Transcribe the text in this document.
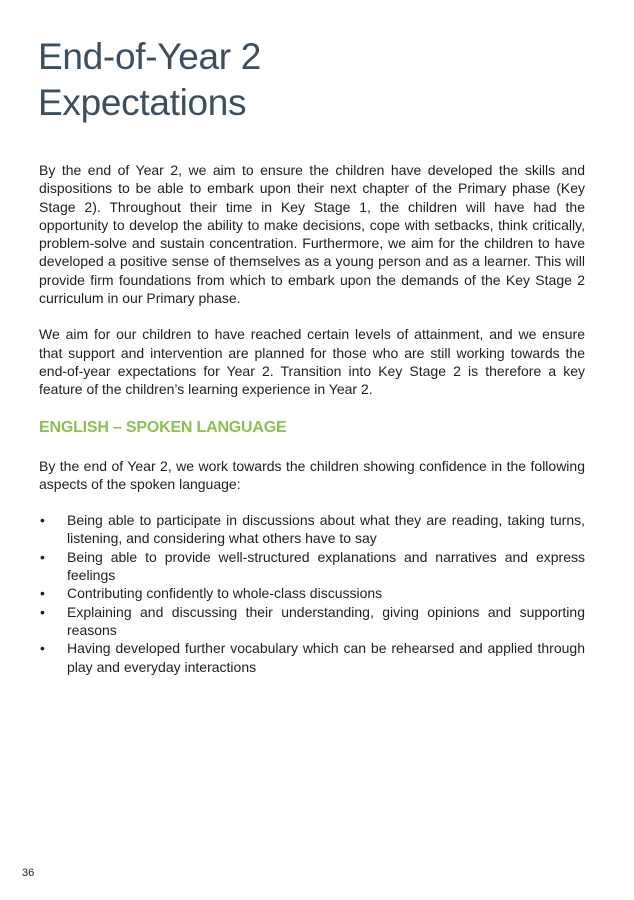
End-of-Year 2
Expectations

By the end of Year 2, we aim to ensure the children have developed the skills and dispositions to be able to embark upon their next chapter of the Primary phase (Key Stage 2). Throughout their time in Key Stage 1, the children will have had the opportunity to develop the ability to make decisions, cope with setbacks, think critically, problem-solve and sustain concentration. Furthermore, we aim for the children to have developed a positive sense of themselves as a young person and as a learner. This will provide firm foundations from which to embark upon the demands of the Key Stage 2 curriculum in our Primary phase.

We aim for our children to have reached certain levels of attainment, and we ensure that support and intervention are planned for those who are still working towards the end-of-year expectations for Year 2. Transition into Key Stage 2 is therefore a key feature of the children’s learning experience in Year 2.

ENGLISH – SPOKEN LANGUAGE

By the end of Year 2, we work towards the children showing confidence in the following aspects of the spoken language:

• Being able to participate in discussions about what they are reading, taking turns, listening, and considering what others have to say
• Being able to provide well-structured explanations and narratives and express feelings
• Contributing confidently to whole-class discussions
• Explaining and discussing their understanding, giving opinions and supporting reasons
• Having developed further vocabulary which can be rehearsed and applied through play and everyday interactions
36
